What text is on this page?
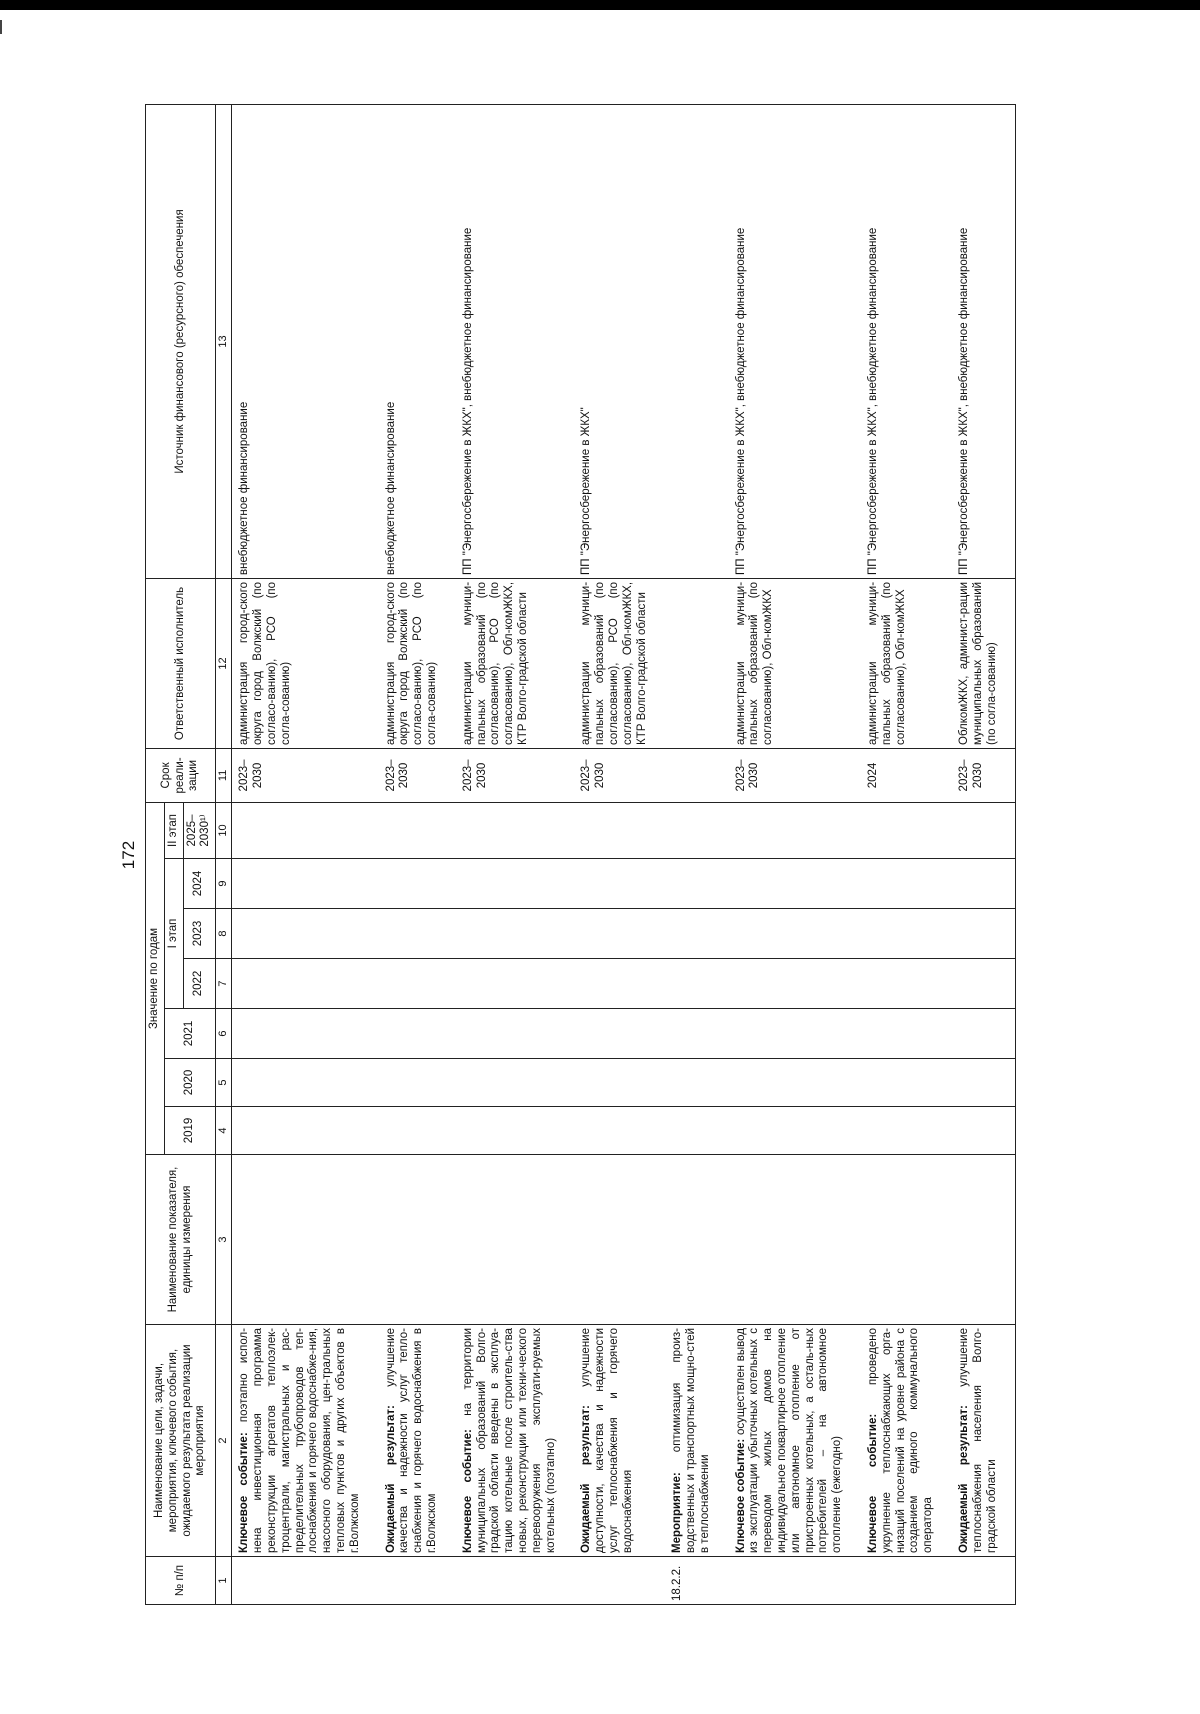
172
№ п/п	Наименование цели, задачи, мероприятия, ключевого события, ожидаемого результата реализации мероприятия	Наименование показателя, единицы измерения	Значение по годам							Срок реали-зации	Ответственный исполнитель	Источник финансового (ресурсного) обеспечения
			2019	2020	2021	I этап			II этап			
						2022	2023	2024	2025–2030¹⁾			
1	2	3	4	5	6	7	8	9	10	11	12	13
	Ключевое событие: поэтапно испол-нена инвестиционная программа реконструкции агрегатов теплоэлек-троцентрали, магистральных и рас-пределительных трубопроводов теп-лоснабжения и горячего водоснабже-ния, насосного оборудования, цен-тральных тепловых пунктов и других объектов в г.Волжском									2023–2030	администрация город-ского округа город Волжский (по согласо-ванию), РСО (по согла-сованию)	внебюджетное финансирование
	Ожидаемый результат: улучшение качества и надежности услуг тепло-снабжения и горячего водоснабжения в г.Волжском									2023–2030	администрация город-ского округа город Волжский (по согласо-ванию), РСО (по согла-сованию)	внебюджетное финансирование
	Ключевое событие: на территории муниципальных образований Волго-градской области введены в эксплуа-тацию котельные после строитель-ства новых, реконструкции или техни-ческого перевооружения эксплуати-руемых котельных (поэтапно)									2023–2030	администрации муници-пальных образований (по согласованию), РСО (по согласованию), Обл-комЖКХ, КТР Волго-градской области	ПП "Энергосбережение в ЖКХ", внебюджетное финансирование
	Ожидаемый результат: улучшение доступности, качества и надежности услуг теплоснабжения и горячего водоснабжения									2023–2030	администрации муници-пальных образований (по согласованию), РСО (по согласованию), Обл-комЖКХ, КТР Волго-градской области	ПП "Энергосбережение в ЖКХ"
18.2.2.	Мероприятие: оптимизация произ-водственных и транспортных мощно-стей в теплоснабжении											
	Ключевое событие: осуществлен вывод из эксплуатации убыточных котельных с переводом жилых домов на индивидуальное поквартирное отопление или автономное отопление от пристроенных котельных, а осталь-ных потребителей – на автономное отопление (ежегодно)									2023–2030	администрации муници-пальных образований (по согласованию), Обл-комЖКХ	ПП "Энергосбережение в ЖКХ", внебюджетное финансирование
	Ключевое событие: проведено укрупнение теплоснабжающих орга-низаций поселений на уровне района с созданием единого коммунального оператора									2024	администрации муници-пальных образований (по согласованию), Обл-комЖКХ	ПП "Энергосбережение в ЖКХ", внебюджетное финансирование
	Ожидаемый результат: улучшение теплоснабжения населения Волго-градской области									2023–2030	ОблкомЖКХ, админист-рации муниципальных образований (по согла-сованию)	ПП "Энергосбережение в ЖКХ", внебюджетное финансирование
